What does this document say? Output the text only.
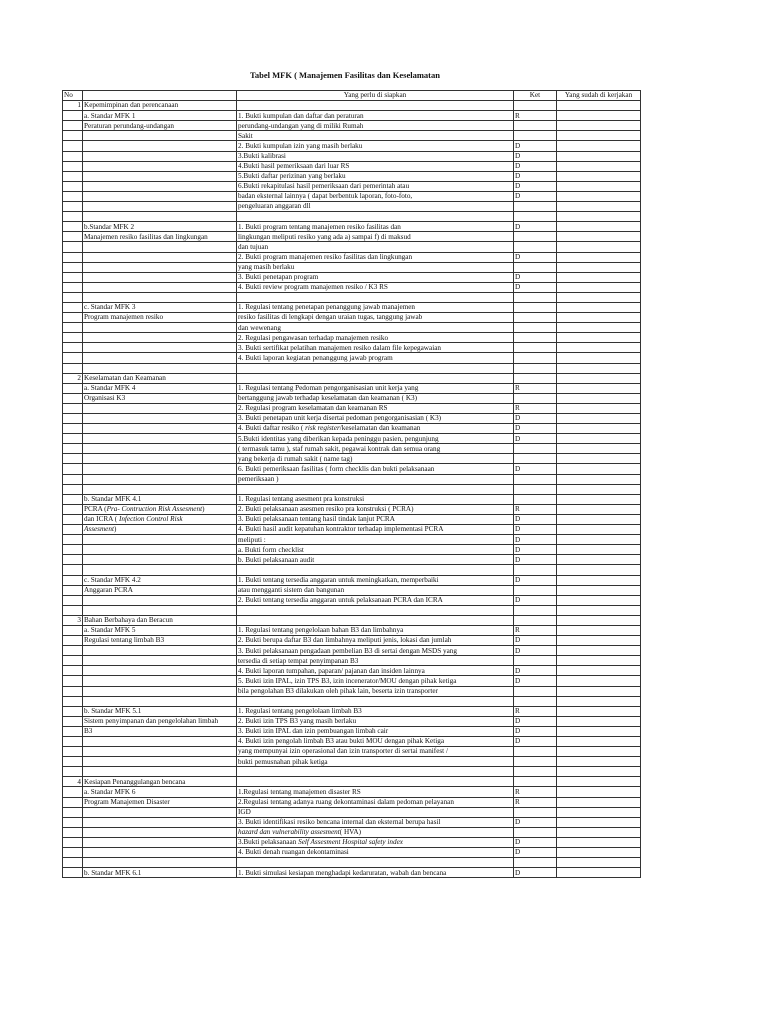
Tabel MFK ( Manajemen Fasilitas dan Keselamatan
No		Yang perlu di siapkan	Ket	Yang sudah di kerjakan
1	Kepemimpinan dan perencanaan			
	a. Standar MFK 1	1. Bukti kumpulan dan daftar dan peraturan	R	
	Peraturan perundang-undangan	perundang-undangan yang di miliki Rumah		
		Sakit		
		2. Bukti kumpulan izin yang masih berlaku	D	
		3.Bukti kalibrasi	D	
		4.Bukti hasil pemeriksaan dari luar RS	D	
		5.Bukti daftar perizinan yang berlaku	D	
		6.Bukti rekapitulasi hasil pemeriksaan dari pemerintah atau	D	
		badan eksternal lainnya ( dapat berbentuk laporan, foto-foto,	D	
		pengeluaran anggaran dll		

	b.Standar MFK 2	1. Bukti program tentang manajemen resiko fasilitas dan	D	
	Manajemen resiko fasilitas dan lingkungan	lingkungan meliputi resiko yang ada a) sampai f) di maksud		
		dan tujuan		
		2. Bukti program manajemen resiko fasilitas dan lingkungan	D	
		yang masih berlaku		
		3. Bukti penetapan program	D	
		4. Bukti review program manajemen resiko / K3 RS	D	

	c. Standar MFK 3	1. Regulasi tentang penetapan penanggung jawab manajemen		
	Program manajemen resiko	resiko fasilitas di lengkapi dengan uraian tugas, tanggung jawab		
		dan wewenang		
		2. Regulasi pengawasan terhadap manajemen resiko		
		3. Bukti sertifikat pelatihan manajemen resiko dalam file kepegawaian		
		4. Bukti laporan kegiatan penanggung jawab program		

2	Keselamatan dan Keamanan			
	a. Standar MFK 4	1. Regulasi tentang Pedoman pengorganisasian unit kerja yang	R	
	Organisasi K3	bertanggung jawab terhadap keselamatan dan keamanan ( K3)		
		2. Regulasi program keselamatan dan keamanan RS	R	
		3. Bukti penetapan unit kerja disertai pedoman pengorganisasian ( K3)	D	
		4. Bukti daftar resiko ( risk register/keselamatan dan keamanan	D	
		5.Bukti identitas yang diberikan kepada peninggu pasien, pengunjung	D	
		( termasuk tamu ), staf rumah sakit, pegawai kontrak dan semua orang		
		yang bekerja di rumah sakit ( name tag)		
		6. Bukti pemeriksaan fasilitas ( form checklis dan bukti pelaksanaan	D	
		pemeriksaan )		

	b. Standar MFK 4.1	1. Regulasi tentang asesment pra konstruksi		
	PCRA (Pra- Contruction Risk Assesment)	2. Bukti pelaksanaan asesmen resiko pra konstruksi ( PCRA)	R	
	dan ICRA ( Infection Control Risk	3. Bukti pelaksanaan tentang hasil tindak lanjut PCRA	D	
	Assesment)	4. Bukti hasil audit kepatuhan kontraktor terhadap implementasi PCRA	D	
		meliputi :	D	
		a. Bukti form checklist	D	
		b. Bukti pelaksanaan audit	D	

	c. Standar MFK 4.2	1. Bukti tentang tersedia anggaran untuk meningkatkan, memperbaiki	D	
	Anggaran PCRA	atau mengganti sistem dan bangunan		
		2. Bukti tentang tersedia anggaran untuk pelaksanaan PCRA dan ICRA	D	

3	Bahan Berbahaya dan Beracun			
	a. Standar MFK 5	1. Regulasi tentang pengelolaan bahan B3 dan limbahnya	R	
	Regulasi tentang limbah B3	2. Bukti berupa daftar B3 dan limbahnya meliputi jenis, lokasi dan jumlah	D	
		3. Bukti pelaksanaan pengadaan pembelian B3 di sertai dengan MSDS yang	D	
		tersedia di setiap tempat penyimpanan B3		
		4. Bukti laporan tumpahan, paparan/ pajanan dan insiden lainnya	D	
		5. Bukti izin IPAL, izin TPS B3, izin incenerator/MOU dengan pihak ketiga	D	
		bila pengolahan B3 dilakukan oleh pihak lain, beserta izin transporter		

	b. Standar MFK 5.1	1. Regulasi tentang pengelolaan limbah B3	R	
	Sistem penyimpanan dan pengelolahan limbah	2. Bukti izin TPS B3 yang masih berlaku	D	
	B3	3. Bukti izin IPAL dan izin pembuangan limbah cair	D	
		4. Bukti izin pengolah limbah B3 atau bukti MOU dengan pihak Ketiga	D	
		yang mempunyai izin operasional dan izin transporter di sertai manifest /		
		bukti pemusnahan pihak ketiga		

4	Kesiapan Penanggulangan bencana			
	a. Standar MFK 6	1.Regulasi tentang manajemen disaster RS	R	
	Program Manajemen Disaster	2.Regulasi tentang adanya ruang dekontaminasi dalam pedoman pelayanan	R	
		IGD		
		3. Bukti identifikasi resiko bencana internal dan eksternal berupa hasil	D	
		hazard dan vulnerability assesment( HVA)		
		3.Bukti pelaksanaan Self Assesment Hospital safety index	D	
		4. Bukti denah ruangan dekontaminasi	D	

	b. Standar MFK 6.1	1. Bukti simulasi kesiapan menghadapi kedaruratan, wabah dan bencana	D	
